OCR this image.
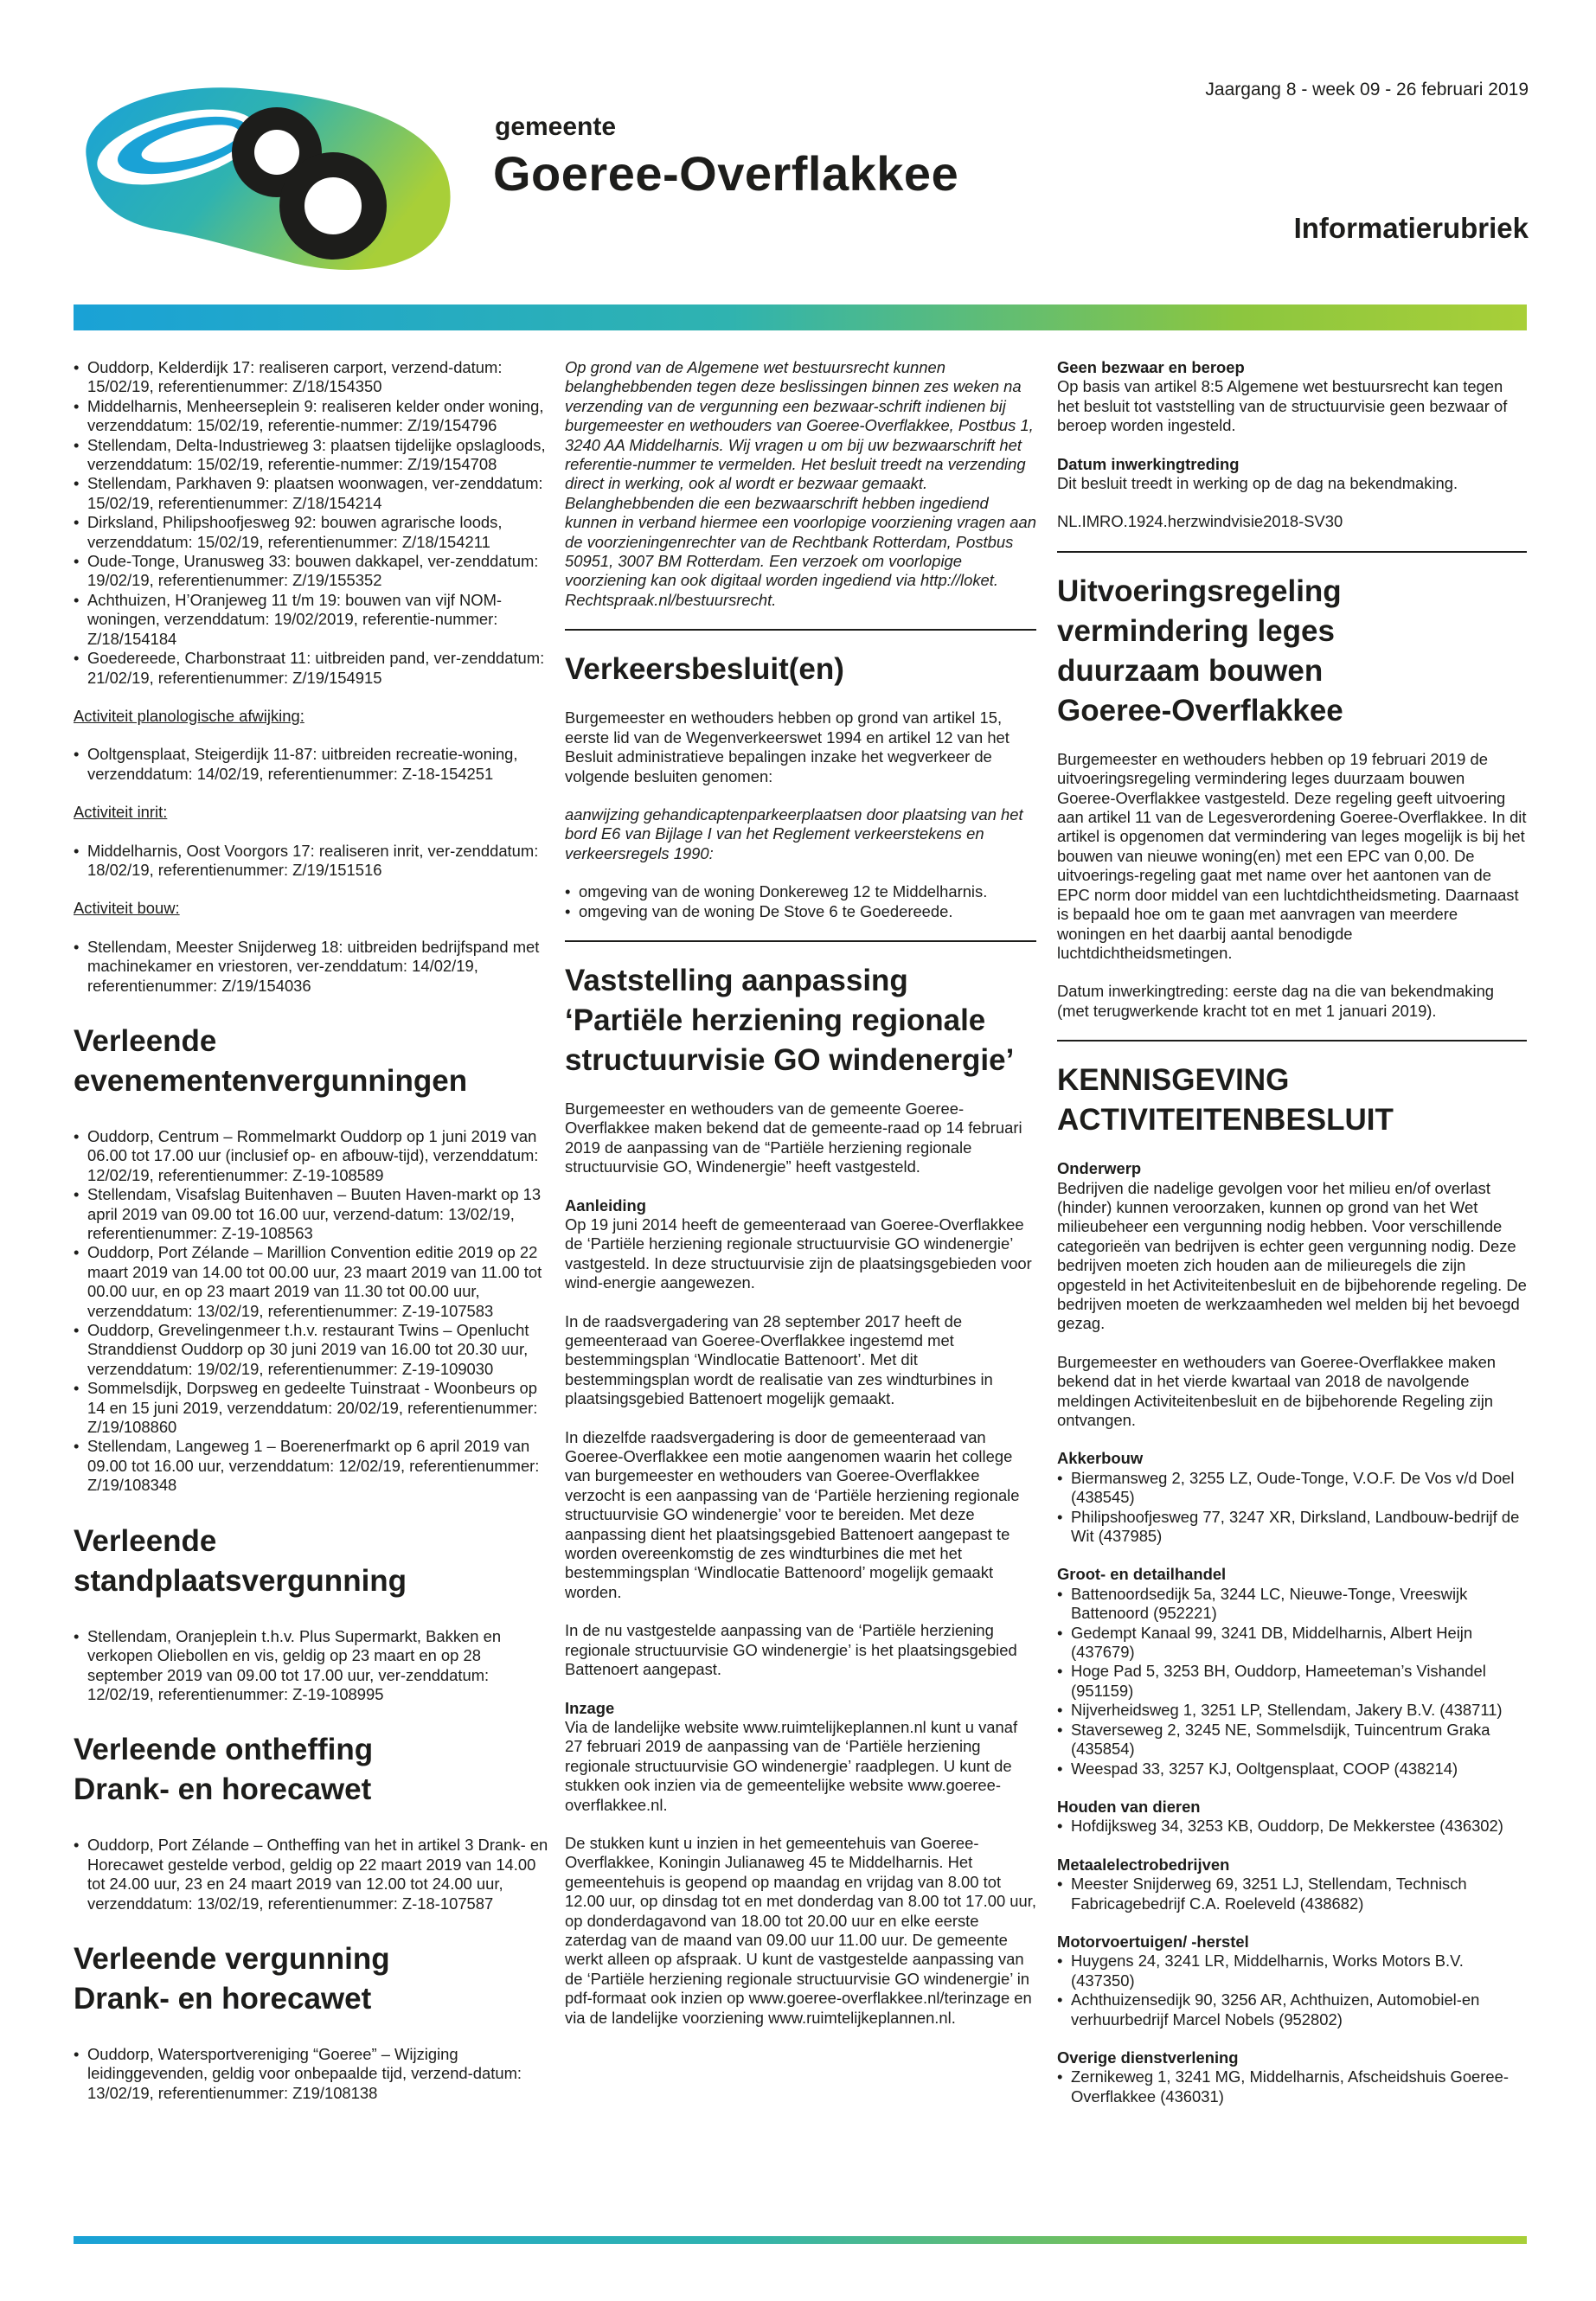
gemeente
Goeree-Overflakkee
Jaargang 8 - week 09 - 26 februari 2019
Informatierubriek
• Ouddorp, Kelderdijk 17: realiseren carport, verzend-datum: 15/02/19, referentienummer: Z/18/154350
• Middelharnis, Menheerseplein 9: realiseren kelder onder woning, verzenddatum: 15/02/19, referentie-nummer: Z/19/154796
• Stellendam, Delta-Industrieweg 3: plaatsen tijdelijke opslagloods, verzenddatum: 15/02/19, referentie-nummer: Z/19/154708
• Stellendam, Parkhaven 9: plaatsen woonwagen, ver-zenddatum: 15/02/19, referentienummer: Z/18/154214
• Dirksland, Philipshoofjesweg 92: bouwen agrarische loods, verzenddatum: 15/02/19, referentienummer: Z/18/154211
• Oude-Tonge, Uranusweg 33: bouwen dakkapel, ver-zenddatum: 19/02/19, referentienummer: Z/19/155352
• Achthuizen, H’Oranjeweg 11 t/m 19: bouwen van vijf NOM-woningen, verzenddatum: 19/02/2019, referentie-nummer: Z/18/154184
• Goedereede, Charbonstraat 11: uitbreiden pand, ver-zenddatum: 21/02/19, referentienummer: Z/19/154915

Activiteit planologische afwijking:

• Ooltgensplaat, Steigerdijk 11-87: uitbreiden recreatie-woning, verzenddatum: 14/02/19, referentienummer: Z-18-154251

Activiteit inrit:

• Middelharnis, Oost Voorgors 17: realiseren inrit, ver-zenddatum: 18/02/19, referentienummer: Z/19/151516

Activiteit bouw:

• Stellendam, Meester Snijderweg 18: uitbreiden bedrijfspand met machinekamer en vriestoren, ver-zenddatum: 14/02/19, referentienummer: Z/19/154036
Verleende
evenementenvergunningen
• Ouddorp, Centrum – Rommelmarkt Ouddorp op 1 juni 2019 van 06.00 tot 17.00 uur (inclusief op- en afbouw-tijd), verzenddatum: 12/02/19, referentienummer: Z-19-108589
• Stellendam, Visafslag Buitenhaven – Buuten Haven-markt op 13 april 2019 van 09.00 tot 16.00 uur, verzend-datum: 13/02/19, referentienummer: Z-19-108563
• Ouddorp, Port Zélande – Marillion Convention editie 2019 op 22 maart 2019 van 14.00 tot 00.00 uur, 23 maart 2019 van 11.00 tot 00.00 uur, en op 23 maart 2019 van 11.30 tot 00.00 uur, verzenddatum: 13/02/19, referentienummer: Z-19-107583
• Ouddorp, Grevelingenmeer t.h.v. restaurant Twins – Openlucht Stranddienst Ouddorp op 30 juni 2019 van 16.00 tot 20.30 uur, verzenddatum: 19/02/19, referentienummer: Z-19-109030
• Sommelsdijk, Dorpsweg en gedeelte Tuinstraat - Woonbeurs op 14 en 15 juni 2019, verzenddatum: 20/02/19, referentienummer: Z/19/108860
• Stellendam, Langeweg 1 – Boerenerfmarkt op 6 april 2019 van 09.00 tot 16.00 uur, verzenddatum: 12/02/19, referentienummer: Z/19/108348
Verleende
standplaatsvergunning
• Stellendam, Oranjeplein t.h.v. Plus Supermarkt, Bakken en verkopen Oliebollen en vis, geldig op 23 maart en op 28 september 2019 van 09.00 tot 17.00 uur, ver-zenddatum: 12/02/19, referentienummer: Z-19-108995
Verleende ontheffing
Drank- en horecawet
• Ouddorp, Port Zélande – Ontheffing van het in artikel 3 Drank- en Horecawet gestelde verbod, geldig op 22 maart 2019 van 14.00 tot 24.00 uur, 23 en 24 maart 2019 van 12.00 tot 24.00 uur, verzenddatum: 13/02/19, referentienummer: Z-18-107587
Verleende vergunning
Drank- en horecawet
• Ouddorp, Watersportvereniging “Goeree” – Wijziging leidinggevenden, geldig voor onbepaalde tijd, verzend-datum: 13/02/19, referentienummer: Z19/108138

Op grond van de Algemene wet bestuursrecht kunnen belanghebbenden tegen deze beslissingen binnen zes weken na verzending van de vergunning een bezwaar-schrift indienen bij burgemeester en wethouders van Goeree-Overflakkee, Postbus 1, 3240 AA Middelharnis. Wij vragen u om bij uw bezwaarschrift het referentie-nummer te vermelden. Het besluit treedt na verzending direct in werking, ook al wordt er bezwaar gemaakt. Belanghebbenden die een bezwaarschrift hebben ingediend kunnen in verband hiermee een voorlopige voorziening vragen aan de voorzieningenrechter van de Rechtbank Rotterdam, Postbus 50951, 3007 BM Rotterdam. Een verzoek om voorlopige voorziening kan ook digitaal worden ingediend via http://loket. Rechtspraak.nl/bestuursrecht.

Verkeersbesluit(en)

Burgemeester en wethouders hebben op grond van artikel 15, eerste lid van de Wegenverkeerswet 1994 en artikel 12 van het Besluit administratieve bepalingen inzake het wegverkeer de volgende besluiten genomen:

aanwijzing gehandicaptenparkeerplaatsen door plaatsing van het bord E6 van Bijlage I van het Reglement verkeerstekens en verkeersregels 1990:

• omgeving van de woning Donkereweg 12 te Middelharnis.
• omgeving van de woning De Stove 6 te Goedereede.
Vaststelling aanpassing
‘Partiële herziening regionale
structuurvisie GO windenergie’

Burgemeester en wethouders van de gemeente Goeree-Overflakkee maken bekend dat de gemeente-raad op 14 februari 2019 de aanpassing van de “Partiële herziening regionale structuurvisie GO, Windenergie” heeft vastgesteld.

Aanleiding

Op 19 juni 2014 heeft de gemeenteraad van Goeree-Overflakkee de ‘Partiële herziening regionale structuurvisie GO windenergie’ vastgesteld. In deze structuurvisie zijn de plaatsingsgebieden voor wind-energie aangewezen.

In de raadsvergadering van 28 september 2017 heeft de gemeenteraad van Goeree-Overflakkee ingestemd met bestemmingsplan ‘Windlocatie Battenoort’. Met dit bestemmingsplan wordt de realisatie van zes windturbines in plaatsingsgebied Battenoert mogelijk gemaakt.

In diezelfde raadsvergadering is door de gemeenteraad van Goeree-Overflakkee een motie aangenomen waarin het college van burgemeester en wethouders van Goeree-Overflakkee verzocht is een aanpassing van de ‘Partiële herziening regionale structuurvisie GO windenergie’ voor te bereiden. Met deze aanpassing dient het plaatsingsgebied Battenoert aangepast te worden overeenkomstig de zes windturbines die met het bestemmingsplan ‘Windlocatie Battenoord’ mogelijk gemaakt worden.

In de nu vastgestelde aanpassing van de ‘Partiële herziening regionale structuurvisie GO windenergie’ is het plaatsingsgebied Battenoert aangepast.

Inzage

Via de landelijke website www.ruimtelijkeplannen.nl kunt u vanaf 27 februari 2019 de aanpassing van de ‘Partiële herziening regionale structuurvisie GO windenergie’ raadplegen. U kunt de stukken ook inzien via de gemeentelijke website www.goeree-overflakkee.nl.

De stukken kunt u inzien in het gemeentehuis van Goeree-Overflakkee, Koningin Julianaweg 45 te Middelharnis. Het gemeentehuis is geopend op maandag en vrijdag van 8.00 tot 12.00 uur, op dinsdag tot en met donderdag van 8.00 tot 17.00 uur, op donderdagavond van 18.00 tot 20.00 uur en elke eerste zaterdag van de maand van 09.00 uur 11.00 uur. De gemeente werkt alleen op afspraak. U kunt de vastgestelde aanpassing van de ‘Partiële herziening regionale structuurvisie GO windenergie’ in pdf-formaat ook inzien op www.goeree-overflakkee.nl/terinzage en via de landelijke voorziening www.ruimtelijkeplannen.nl.

Geen bezwaar en beroep

Op basis van artikel 8:5 Algemene wet bestuursrecht kan tegen het besluit tot vaststelling van de structuurvisie geen bezwaar of beroep worden ingesteld.

Datum inwerkingtreding

Dit besluit treedt in werking op de dag na bekendmaking.

NL.IMRO.1924.herzwindvisie2018-SV30

Uitvoeringsregeling
vermindering leges
duurzaam bouwen
Goeree-Overflakkee

Burgemeester en wethouders hebben op 19 februari 2019 de uitvoeringsregeling vermindering leges duurzaam bouwen Goeree-Overflakkee vastgesteld. Deze regeling geeft uitvoering aan artikel 11 van de Legesverordening Goeree-Overflakkee. In dit artikel is opgenomen dat vermindering van leges mogelijk is bij het bouwen van nieuwe woning(en) met een EPC van 0,00. De uitvoerings-regeling gaat met name over het aantonen van de EPC norm door middel van een luchtdichtheidsmeting. Daarnaast is bepaald hoe om te gaan met aanvragen van meerdere woningen en het daarbij aantal benodigde luchtdichtheidsmetingen.

Datum inwerkingtreding: eerste dag na die van bekendmaking (met terugwerkende kracht tot en met 1 januari 2019).

KENNISGEVING
ACTIVITEITENBESLUIT

Onderwerp

Bedrijven die nadelige gevolgen voor het milieu en/of overlast (hinder) kunnen veroorzaken, kunnen op grond van het Wet milieubeheer een vergunning nodig hebben. Voor verschillende categorieën van bedrijven is echter geen vergunning nodig. Deze bedrijven moeten zich houden aan de milieuregels die zijn opgesteld in het Activiteitenbesluit en de bijbehorende regeling. De bedrijven moeten de werkzaamheden wel melden bij het bevoegd gezag.

Burgemeester en wethouders van Goeree-Overflakkee maken bekend dat in het vierde kwartaal van 2018 de navolgende meldingen Activiteitenbesluit en de bijbehorende Regeling zijn ontvangen.

Akkerbouw

• Biermansweg 2, 3255 LZ, Oude-Tonge, V.O.F. De Vos v/d Doel (438545)
• Philipshoofjesweg 77, 3247 XR, Dirksland, Landbouw-bedrijf de Wit (437985)

Groot- en detailhandel

• Battenoordsedijk 5a, 3244 LC, Nieuwe-Tonge, Vreeswijk Battenoord (952221)
• Gedempt Kanaal 99, 3241 DB, Middelharnis, Albert Heijn (437679)
• Hoge Pad 5, 3253 BH, Ouddorp, Hameeteman’s Vishandel (951159)
• Nijverheidsweg 1, 3251 LP, Stellendam, Jakery B.V. (438711)
• Staverseweg 2, 3245 NE, Sommelsdijk, Tuincentrum Graka (435854)
• Weespad 33, 3257 KJ, Ooltgensplaat, COOP (438214)

Houden van dieren

• Hofdijksweg 34, 3253 KB, Ouddorp, De Mekkerstee (436302)

Metaalelectrobedrijven

• Meester Snijderweg 69, 3251 LJ, Stellendam, Technisch Fabricagebedrijf C.A. Roeleveld (438682)

Motorvoertuigen/ -herstel

• Huygens 24, 3241 LR, Middelharnis, Works Motors B.V. (437350)
• Achthuizensedijk 90, 3256 AR, Achthuizen, Automobiel-en verhuurbedrijf Marcel Nobels (952802)

Overige dienstverlening

• Zernikeweg 1, 3241 MG, Middelharnis, Afscheidshuis Goeree-Overflakkee (436031)
